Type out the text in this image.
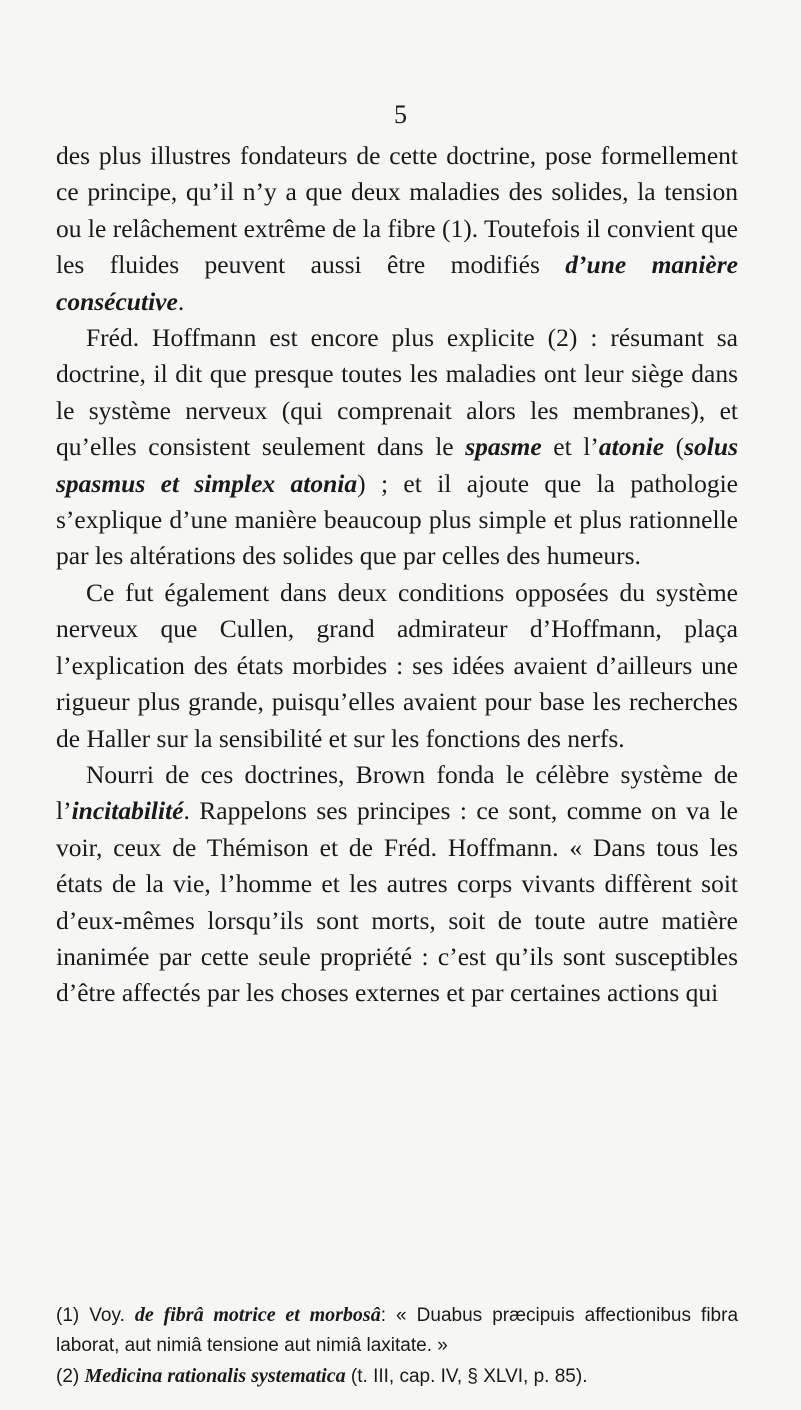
5

des plus illustres fondateurs de cette doctrine, pose formellement ce principe, qu’il n’y a que deux maladies des solides, la tension ou le relâchement extrême de la fibre (1). Toutefois il convient que les fluides peuvent aussi être modifiés d’une manière consécutive.

Fréd. Hoffmann est encore plus explicite (2) : résumant sa doctrine, il dit que presque toutes les maladies ont leur siège dans le système nerveux (qui comprenait alors les membranes), et qu’elles consistent seulement dans le spasme et l’atonie (solus spasmus et simplex atonia) ; et il ajoute que la pathologie s’explique d’une manière beaucoup plus simple et plus rationnelle par les altérations des solides que par celles des humeurs.

Ce fut également dans deux conditions opposées du système nerveux que Cullen, grand admirateur d’Hoffmann, plaça l’explication des états morbides : ses idées avaient d’ailleurs une rigueur plus grande, puisqu’elles avaient pour base les recherches de Haller sur la sensibilité et sur les fonctions des nerfs.

Nourri de ces doctrines, Brown fonda le célèbre système de l’incitabilité. Rappelons ses principes : ce sont, comme on va le voir, ceux de Thémison et de Fréd. Hoffmann. « Dans tous les états de la vie, l’homme et les autres corps vivants diffèrent soit d’eux-mêmes lorsqu’ils sont morts, soit de toute autre matière inanimée par cette seule propriété : c’est qu’ils sont susceptibles d’être affectés par les choses externes et par certaines actions qui

(1) Voy. de fibrâ motrice et morbosâ: « Duabus præcipuis affectionibus fibra laborat, aut nimiâ tensione aut nimiâ laxitate. »

(2) Medicina rationalis systematica (t. III, cap. IV, § XLVI, p. 85).
